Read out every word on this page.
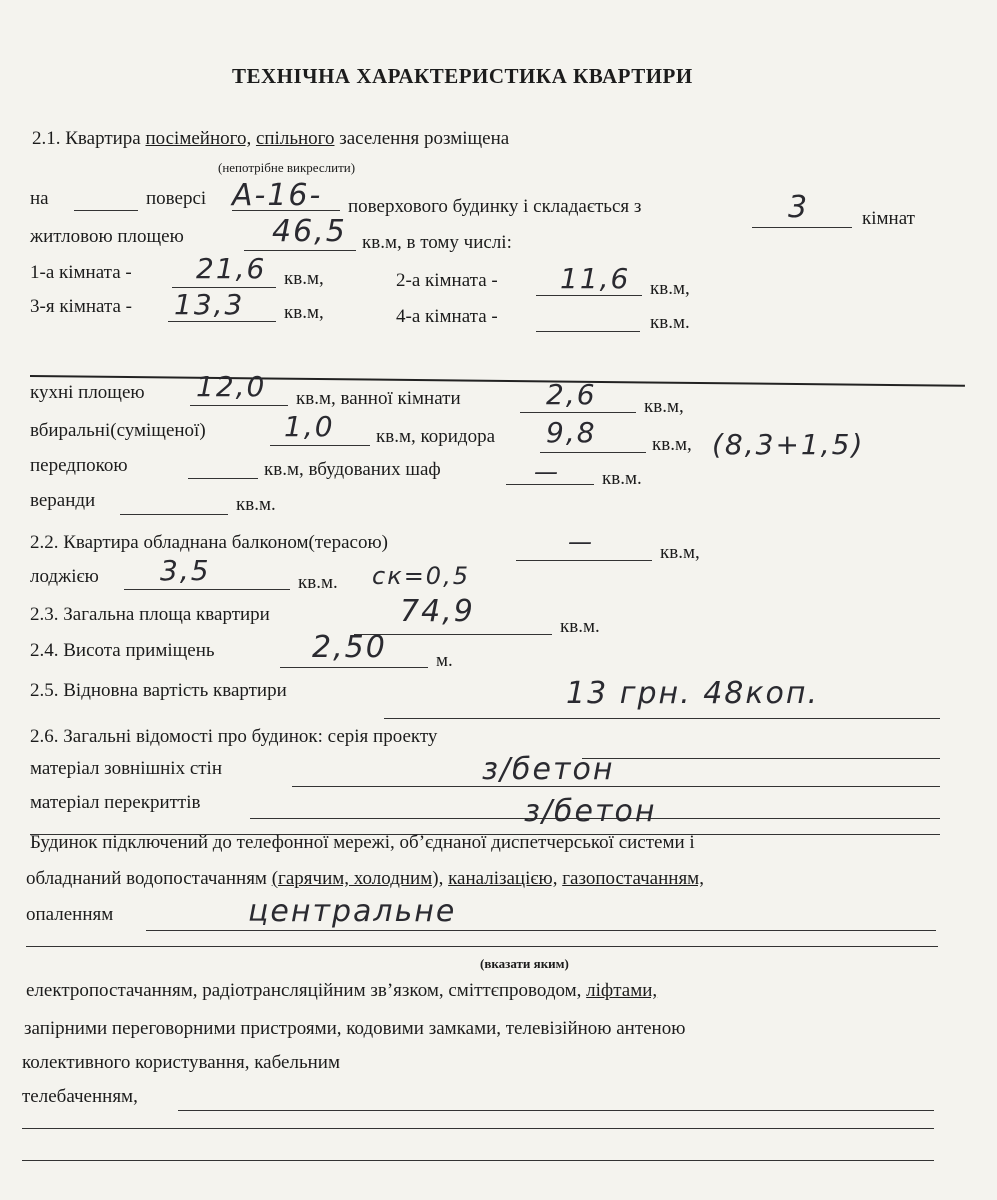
ТЕХНІЧНА ХАРАКТЕРИСТИКА КВАРТИРИ
2.1. Квартира посімейного, спільного заселення розміщена
(непотрібне викреслити)
на	поверсі А-16- поверхового будинку і складається з	3	кімнат
житловою площею	46,5 кв.м, в тому числі:
1-а кімната - 21,6 кв.м,	2-а кімната - 11,6 кв.м,
3-я кімната - 13,3 кв.м,	4-а кімната -	кв.м.
кухні площею 12,0 кв.м, ванної кімнати	2,6 кв.м,
вбиральні(суміщеної)	1,0 кв.м, коридора 9,8	кв.м, (8,3+1,5)
передпокою	кв.м, вбудованих шаф	— кв.м.
веранди	кв.м.
2.2. Квартира обладнана балконом(терасою)	—	кв.м,
лоджією 3,5	кв.м. ск=0,5
2.3. Загальна площа квартири	74,9	кв.м.
2.4. Висота приміщень	2,50	м.
2.5. Відновна вартість квартири	13 грн. 48коп.
2.6. Загальні відомості про будинок: серія проекту
матеріал зовнішніх стін	з/бетон
матеріал перекриттів	з/бетон
Будинок підключений до телефонної мережі, об’єднаної диспетчерської системи і
обладнаний водопостачанням (гарячим, холодним), каналізацією, газопостачанням,
опаленням	центральне
(вказати яким)
електропостачанням, радіотрансляційним зв’язком, сміттєпроводом, ліфтами,
запірними переговорними пристроями, кодовими замками, телевізійною антеною
колективного користування, кабельним
телебаченням,
